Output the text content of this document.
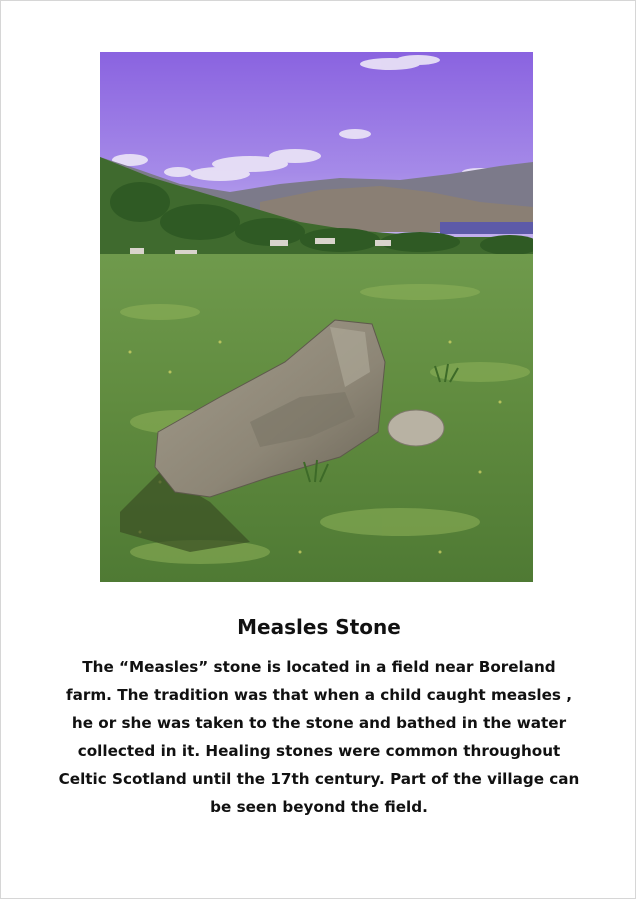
Measles Stone
The “Measles” stone is located in a field near Boreland
farm. The tradition was that when a child caught measles ,
he or she was taken to the stone and bathed in the water
collected in it. Healing stones were common throughout
Celtic Scotland until the 17th century. Part of the village can
be seen beyond the field.
